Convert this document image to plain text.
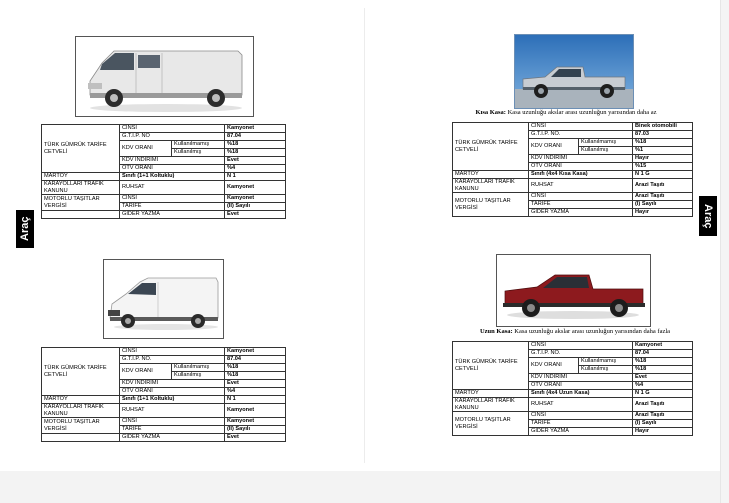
Araç
Araç
TÜRK GÜMRÜK TARİFE CETVELİ	CİNSİ		Kamyonet
	G.T.İ.P. NO		87.04
	KDV ORANI	Kullanılmamış	%18
		Kullanılmış	%18
	KDV İNDİRİMİ		Evet
	ÖTV ORANI		%4
MARTOY	Sınıfı (1+1 Koltuklu)		N 1
KARAYOLLARI TRAFİK KANUNU	RUHSAT		Kamyonet
MOTORLU TAŞITLAR VERGİSİ	CİNSİ		Kamyonet
	TARİFE		(II) Sayılı
	GİDER YAZMA		Evet
TÜRK GÜMRÜK TARİFE CETVELİ	CİNSİ		Kamyonet
	G.T.İ.P. NO.		87.04
	KDV ORANI	Kullanılmamış	%18
		Kullanılmış	%18
	KDV İNDİRİMİ		Evet
	ÖTV ORANI		%4
MARTOY	Sınıfı (1+1 Koltuklu)		N 1
KARAYOLLARI TRAFİK KANUNU	RUHSAT		Kamyonet
MOTORLU TAŞITLAR VERGİSİ	CİNSİ		Kamyonet
	TARİFE		(II) Sayılı
	GİDER YAZMA		Evet
Kısa Kasa: Kasa uzunluğu akslar arası uzunluğun yarısından daha az
TÜRK GÜMRÜK TARİFE CETVELİ	CİNSİ		Binek otomobili
	G.T.İ.P. NO.		87.03
	KDV ORANI	Kullanılmamış	%18
		Kullanılmış	%1
	KDV İNDİRİMİ		Hayır
	ÖTV ORANI		%15
MARTOY	Sınıfı (4x4 Kısa Kasa)		N 1 G
KARAYOLLARI TRAFİK KANUNU	RUHSAT		Arazi Taşıtı
MOTORLU TAŞITLAR VERGİSİ	CİNSİ		Arazi Taşıtı
	TARİFE		(I) Sayılı
	GİDER YAZMA		Hayır
Uzun Kasa: Kasa uzunluğu akslar arası uzunluğun yarısından daha fazla
TÜRK GÜMRÜK TARİFE CETVELİ	CİNSİ		Kamyonet
	G.T.İ.P. NO.		87.04
	KDV ORANI	Kullanılmamış	%18
		Kullanılmış	%18
	KDV İNDİRİMİ		Evet
	ÖTV ORANI		%4
MARTOY	Sınıfı (4x4 Uzun Kasa)		N 1 G
KARAYOLLARI TRAFİK KANUNU	RUHSAT		Arazi Taşıtı
MOTORLU TAŞITLAR VERGİSİ	CİNSİ		Arazi Taşıtı
	TARİFE		(I) Sayılı
	GİDER YAZMA		Hayır
